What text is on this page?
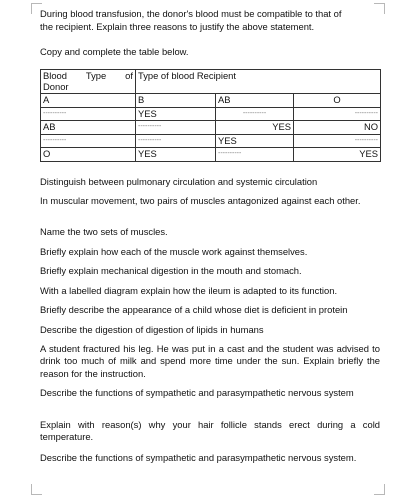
During blood transfusion, the donor's blood must be compatible to that of

the recipient. Explain three reasons to justify the above statement.

Copy and complete the table below.

Blood Type of
Donor	Type of blood Recipient		
A	B	AB	O
----------	YES	----------	----------
AB	----------	YES	NO
----------	----------	YES	----------
O	YES	----------	YES

Distinguish between pulmonary circulation and systemic circulation

In muscular movement, two pairs of muscles antagonized against each other.

Name the two sets of muscles.

Briefly explain how each of the muscle work against themselves.

Briefly explain mechanical digestion in the mouth and stomach.

With a labelled diagram explain how the ileum is adapted to its function.

Briefly describe the appearance of a child whose diet is deficient in protein

Describe the digestion of digestion of lipids in humans

A student fractured his leg. He was put in a cast and the student was advised to drink too much of milk and spend more time under the sun. Explain briefly the reason for the instruction.

Describe the functions of sympathetic and parasympathetic nervous system

Explain with reason(s) why your hair follicle stands erect during a cold temperature.

Describe the functions of sympathetic and parasympathetic nervous system.
